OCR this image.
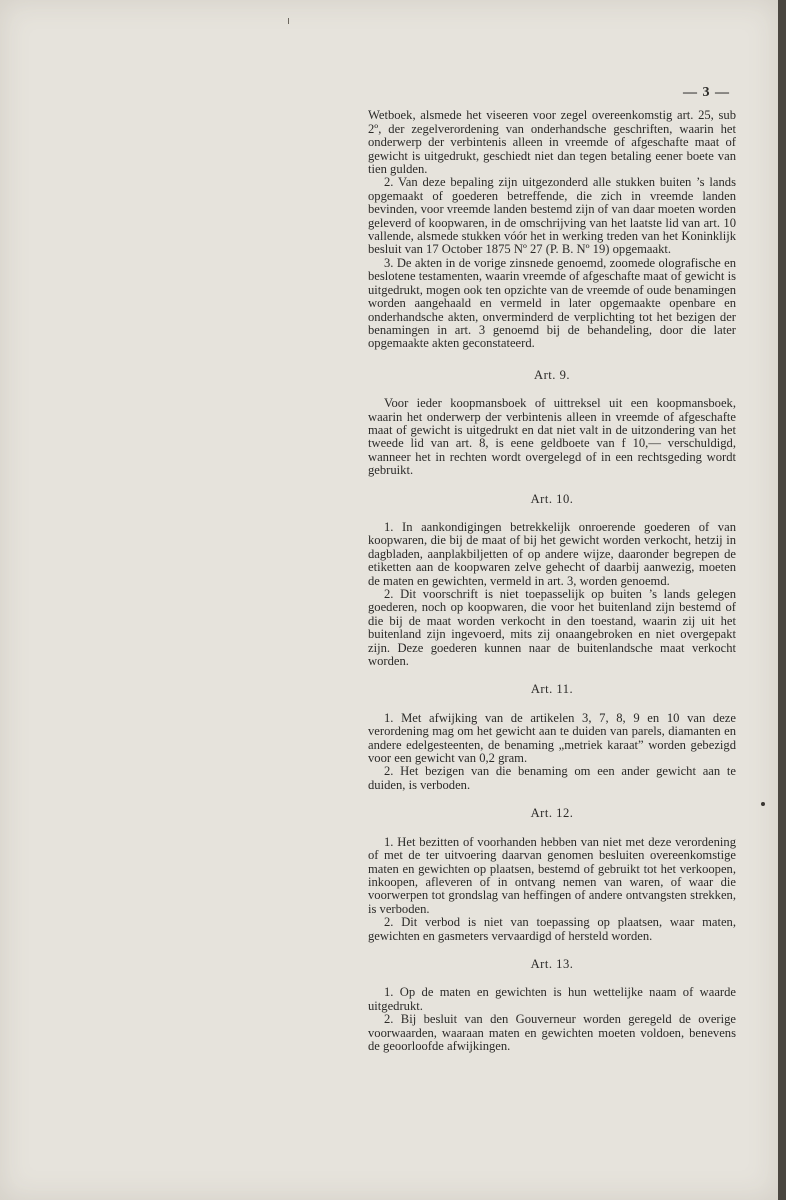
— 3 —

Wetboek, alsmede het viseeren voor zegel overeenkomstig art. 25, sub 2º, der zegelverordening van onderhandsche geschriften, waarin het onderwerp der verbintenis alleen in vreemde of afgeschafte maat of gewicht is uitgedrukt, geschiedt niet dan tegen betaling eener boete van tien gulden.

2. Van deze bepaling zijn uitgezonderd alle stukken buiten ’s lands opgemaakt of goederen betreffende, die zich in vreemde landen bevinden, voor vreemde landen bestemd zijn of van daar moeten worden geleverd of koopwaren, in de omschrijving van het laatste lid van art. 10 vallende, alsmede stukken vóór het in werking treden van het Koninklijk besluit van 17 October 1875 Nº 27 (P. B. Nº 19) opgemaakt.

3. De akten in de vorige zinsnede genoemd, zoomede olografische en beslotene testamenten, waarin vreemde of afgeschafte maat of gewicht is uitgedrukt, mogen ook ten opzichte van de vreemde of oude benamingen worden aangehaald en vermeld in later opgemaakte openbare en onderhandsche akten, onverminderd de verplichting tot het bezigen der benamingen in art. 3 genoemd bij de behandeling, door die later opgemaakte akten geconstateerd.

Art. 9.

Voor ieder koopmansboek of uittreksel uit een koopmansboek, waarin het onderwerp der verbintenis alleen in vreemde of afgeschafte maat of gewicht is uitgedrukt en dat niet valt in de uitzondering van het tweede lid van art. 8, is eene geldboete van f 10,— verschuldigd, wanneer het in rechten wordt overgelegd of in een rechtsgeding wordt gebruikt.

Art. 10.

1. In aankondigingen betrekkelijk onroerende goederen of van koopwaren, die bij de maat of bij het gewicht worden verkocht, hetzij in dagbladen, aanplakbiljetten of op andere wijze, daaronder begrepen de etiketten aan de koopwaren zelve gehecht of daarbij aanwezig, moeten de maten en gewichten, vermeld in art. 3, worden genoemd.

2. Dit voorschrift is niet toepasselijk op buiten ’s lands gelegen goederen, noch op koopwaren, die voor het buitenland zijn bestemd of die bij de maat worden verkocht in den toestand, waarin zij uit het buitenland zijn ingevoerd, mits zij onaangebroken en niet overgepakt zijn. Deze goederen kunnen naar de buitenlandsche maat verkocht worden.

Art. 11.

1. Met afwijking van de artikelen 3, 7, 8, 9 en 10 van deze verordening mag om het gewicht aan te duiden van parels, diamanten en andere edelgesteenten, de benaming „metriek karaat” worden gebezigd voor een gewicht van 0,2 gram.

2. Het bezigen van die benaming om een ander gewicht aan te duiden, is verboden.

Art. 12.

1. Het bezitten of voorhanden hebben van niet met deze verordening of met de ter uitvoering daarvan genomen besluiten overeenkomstige maten en gewichten op plaatsen, bestemd of gebruikt tot het verkoopen, inkoopen, afleveren of in ontvang nemen van waren, of waar die voorwerpen tot grondslag van heffingen of andere ontvangsten strekken, is verboden.

2. Dit verbod is niet van toepassing op plaatsen, waar maten, gewichten en gasmeters vervaardigd of hersteld worden.

Art. 13.

1. Op de maten en gewichten is hun wettelijke naam of waarde uitgedrukt.

2. Bij besluit van den Gouverneur worden geregeld de overige voorwaarden, waaraan maten en gewichten moeten voldoen, benevens de geoorloofde afwijkingen.
